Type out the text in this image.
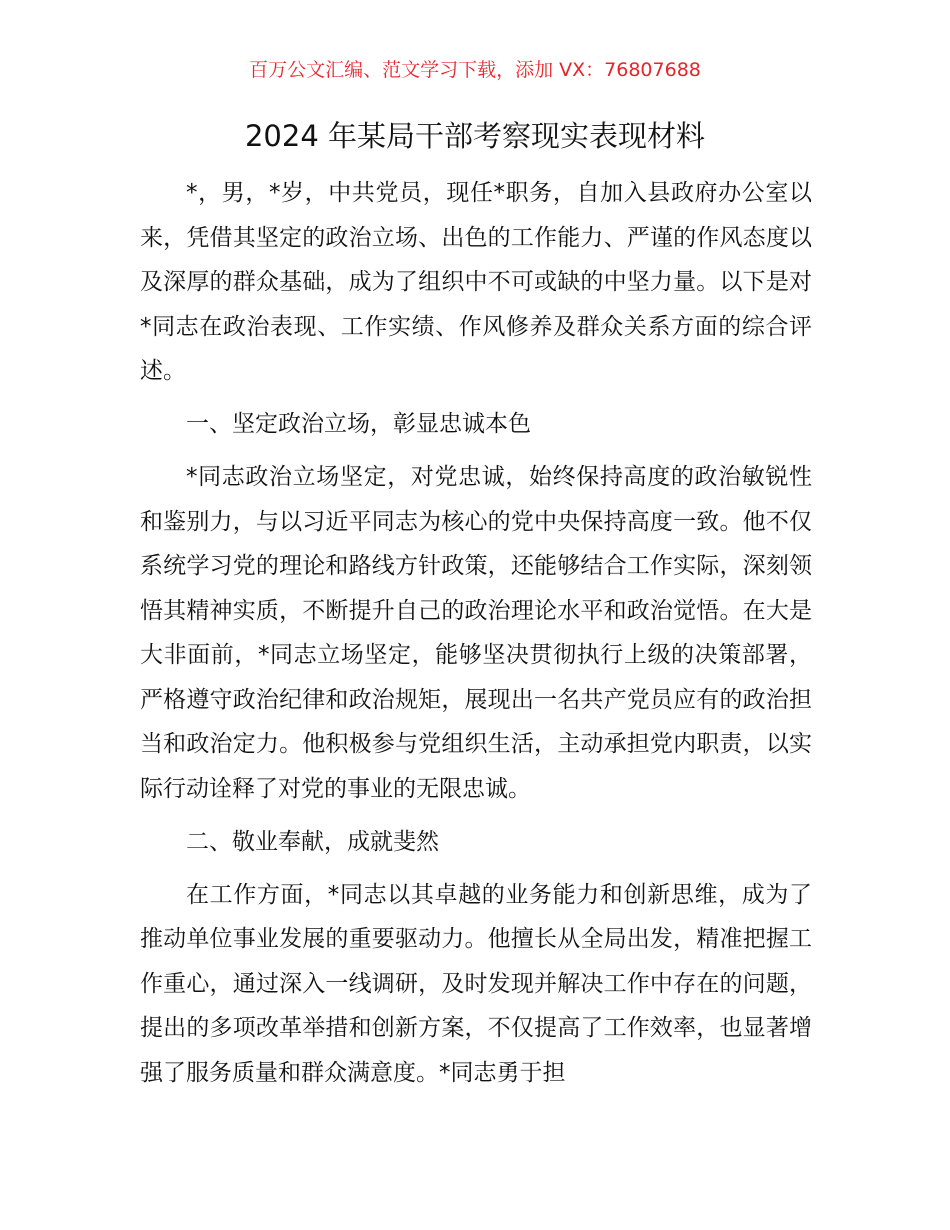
百万公文汇编、范文学习下载，添加 VX：76807688
2024 年某局干部考察现实表现材料

*，男，*岁，中共党员，现任*职务，自加入县政府办公室以来，凭借其坚定的政治立场、出色的工作能力、严谨的作风态度以及深厚的群众基础，成为了组织中不可或缺的中坚力量。以下是对*同志在政治表现、工作实绩、作风修养及群众关系方面的综合评述。

一、坚定政治立场，彰显忠诚本色

*同志政治立场坚定，对党忠诚，始终保持高度的政治敏锐性和鉴别力，与以习近平同志为核心的党中央保持高度一致。他不仅系统学习党的理论和路线方针政策，还能够结合工作实际，深刻领悟其精神实质，不断提升自己的政治理论水平和政治觉悟。在大是大非面前，*同志立场坚定，能够坚决贯彻执行上级的决策部署，严格遵守政治纪律和政治规矩，展现出一名共产党员应有的政治担当和政治定力。他积极参与党组织生活，主动承担党内职责，以实际行动诠释了对党的事业的无限忠诚。

二、敬业奉献，成就斐然

在工作方面，*同志以其卓越的业务能力和创新思维，成为了推动单位事业发展的重要驱动力。他擅长从全局出发，精准把握工作重心，通过深入一线调研，及时发现并解决工作中存在的问题，提出的多项改革举措和创新方案，不仅提高了工作效率，也显著增强了服务质量和群众满意度。*同志勇于担
